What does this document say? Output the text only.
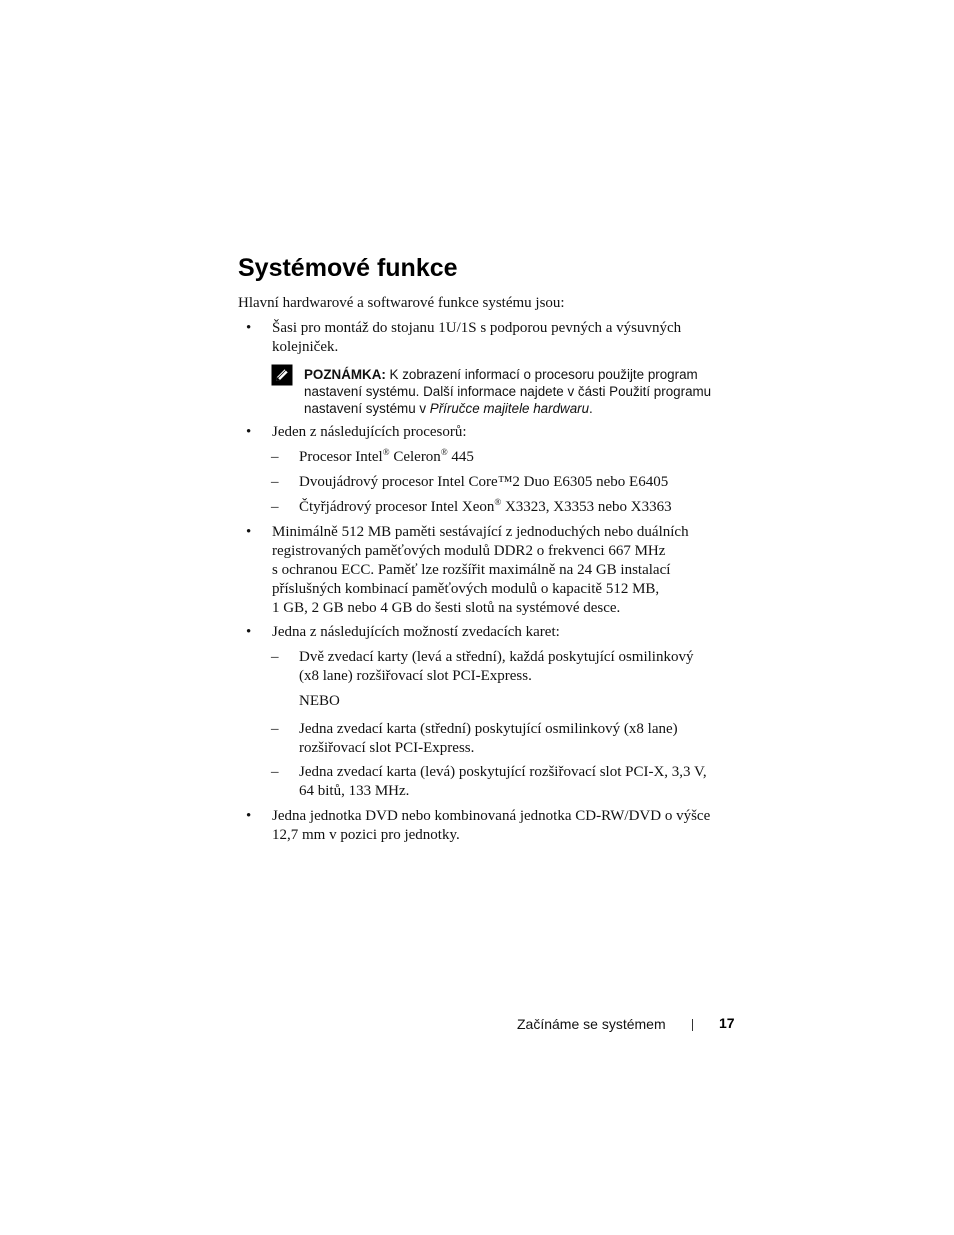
Systémové funkce

Hlavní hardwarové a softwarové funkce systému jsou:

• Šasi pro montáž do stojanu 1U/1S s podporou pevných a výsuvných
kolejniček.
POZNÁMKA: K zobrazení informací o procesoru použijte program
nastavení systému. Další informace najdete v části Použití programu
nastavení systému v Příručce majitele hardwaru.
• Jeden z následujících procesorů:

– Procesor Intel® Celeron® 445

– Dvoujádrový procesor Intel Core™2 Duo E6305 nebo E6405

– Čtyřjádrový procesor Intel Xeon® X3323, X3353 nebo X3363

• Minimálně 512 MB paměti sestávající z jednoduchých nebo duálních
registrovaných paměťových modulů DDR2 o frekvenci 667 MHz
s ochranou ECC. Paměť lze rozšířit maximálně na 24 GB instalací
příslušných kombinací paměťových modulů o kapacitě 512 MB,
1 GB, 2 GB nebo 4 GB do šesti slotů na systémové desce.
• Jedna z následujících možností zvedacích karet:

– Dvě zvedací karty (levá a střední), každá poskytující osmilinkový
(x8 lane) rozšiřovací slot PCI-Express.

NEBO

– Jedna zvedací karta (střední) poskytující osmilinkový (x8 lane)
rozšiřovací slot PCI-Express.
– Jedna zvedací karta (levá) poskytující rozšiřovací slot PCI-X, 3,3 V,
64 bitů, 133 MHz.
• Jedna jednotka DVD nebo kombinovaná jednotka CD-RW/DVD o výšce
12,7 mm v pozici pro jednotky.
Začínáme se systémem	17
